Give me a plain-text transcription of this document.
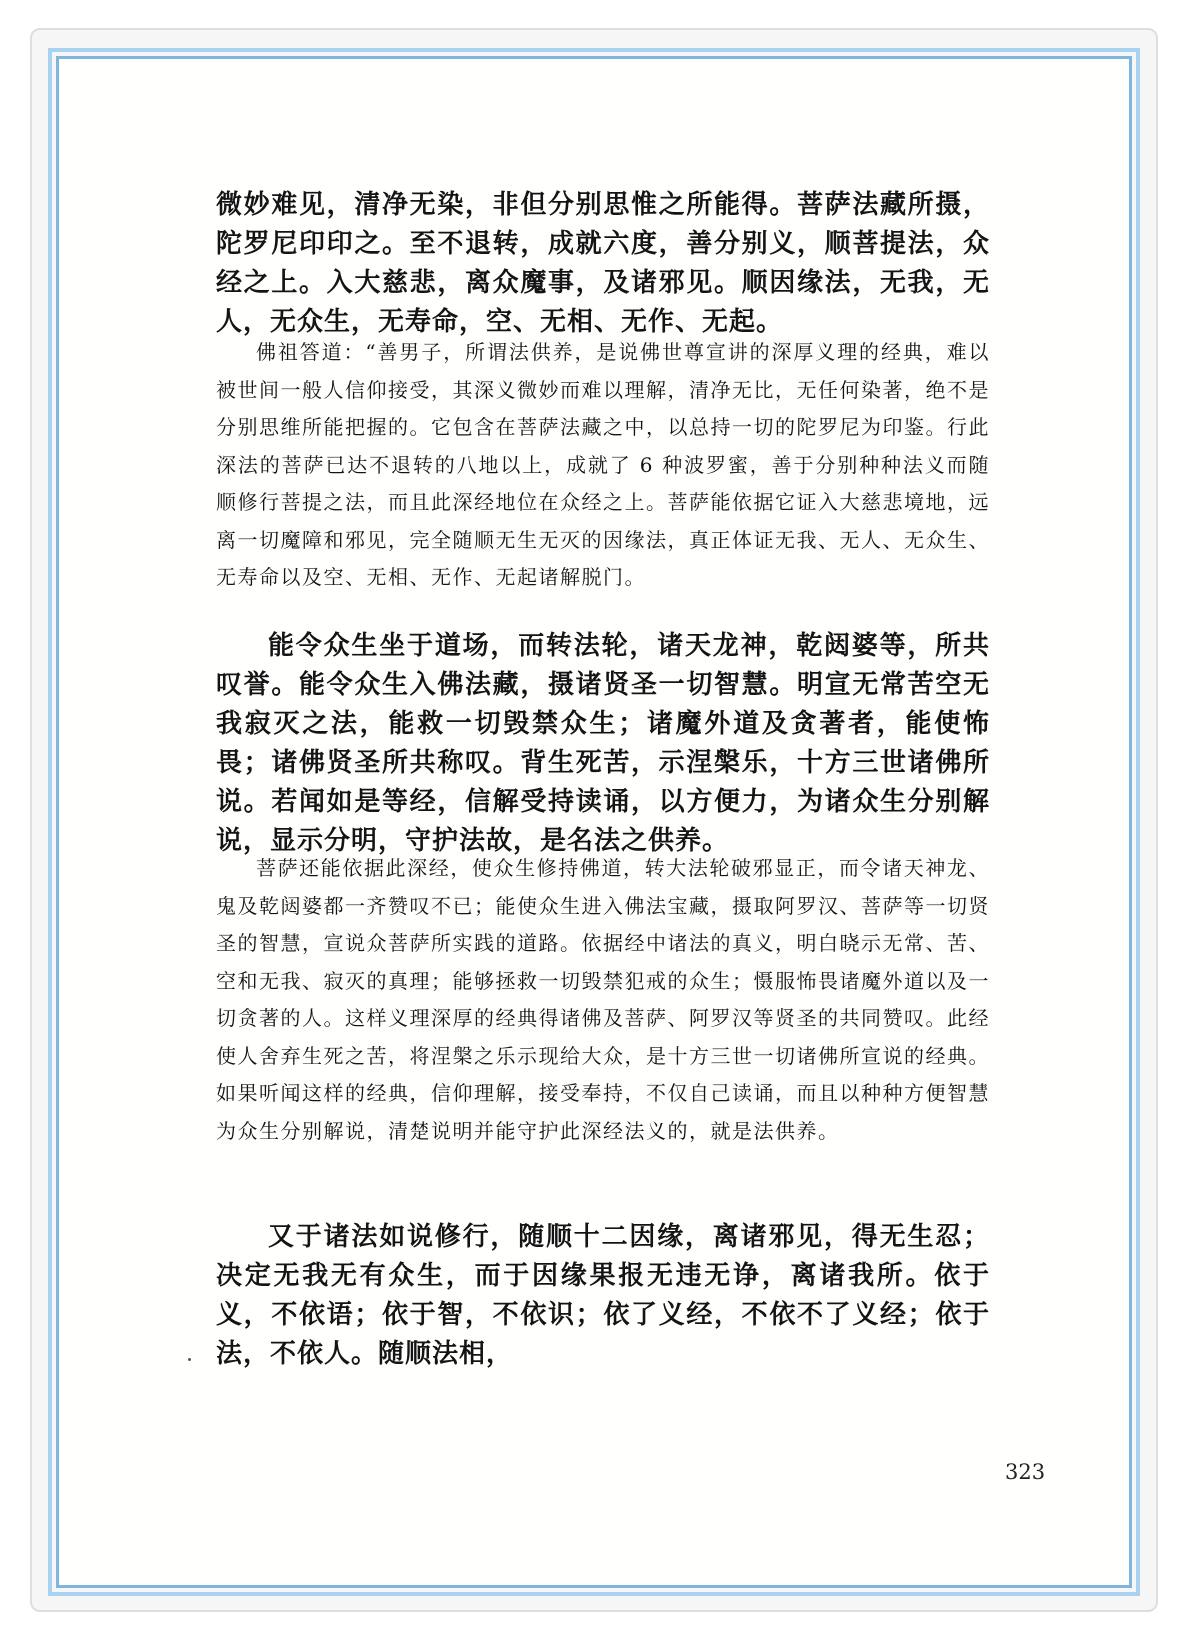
微妙难见，清净无染，非但分别思惟之所能得。菩萨法藏所摄，陀罗尼印印之。至不退转，成就六度，善分别义，顺菩提法，众经之上。入大慈悲，离众魔事，及诸邪见。顺因缘法，无我，无人，无众生，无寿命，空、无相、无作、无起。

佛祖答道：“善男子，所谓法供养，是说佛世尊宣讲的深厚义理的经典，难以被世间一般人信仰接受，其深义微妙而难以理解，清净无比，无任何染著，绝不是分别思维所能把握的。它包含在菩萨法藏之中，以总持一切的陀罗尼为印鉴。行此深法的菩萨已达不退转的八地以上，成就了 6 种波罗蜜，善于分别种种法义而随顺修行菩提之法，而且此深经地位在众经之上。菩萨能依据它证入大慈悲境地，远离一切魔障和邪见，完全随顺无生无灭的因缘法，真正体证无我、无人、无众生、无寿命以及空、无相、无作、无起诸解脱门。

能令众生坐于道场，而转法轮，诸天龙神，乾闼婆等，所共叹誉。能令众生入佛法藏，摄诸贤圣一切智慧。明宣无常苦空无我寂灭之法，能救一切毁禁众生；诸魔外道及贪著者，能使怖畏；诸佛贤圣所共称叹。背生死苦，示涅槃乐，十方三世诸佛所说。若闻如是等经，信解受持读诵，以方便力，为诸众生分别解说，显示分明，守护法故，是名法之供养。

菩萨还能依据此深经，使众生修持佛道，转大法轮破邪显正，而令诸天神龙、鬼及乾闼婆都一齐赞叹不已；能使众生进入佛法宝藏，摄取阿罗汉、菩萨等一切贤圣的智慧，宣说众菩萨所实践的道路。依据经中诸法的真义，明白晓示无常、苦、空和无我、寂灭的真理；能够拯救一切毁禁犯戒的众生；慑服怖畏诸魔外道以及一切贪著的人。这样义理深厚的经典得诸佛及菩萨、阿罗汉等贤圣的共同赞叹。此经使人舍弃生死之苦，将涅槃之乐示现给大众，是十方三世一切诸佛所宣说的经典。如果听闻这样的经典，信仰理解，接受奉持，不仅自己读诵，而且以种种方便智慧为众生分别解说，清楚说明并能守护此深经法义的，就是法供养。

又于诸法如说修行，随顺十二因缘，离诸邪见，得无生忍；决定无我无有众生，而于因缘果报无违无诤，离诸我所。依于义，不依语；依于智，不依识；依了义经，不依不了义经；依于法，不依人。随顺法相，

323
